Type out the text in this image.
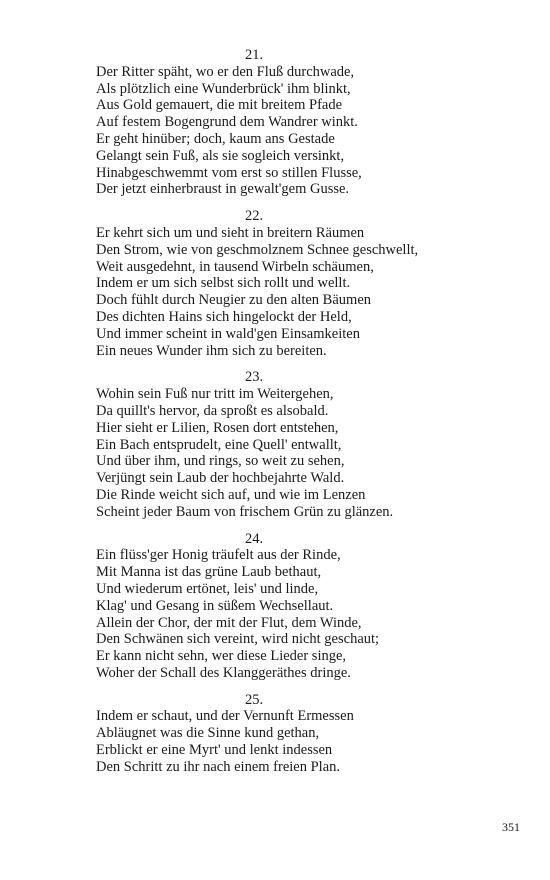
21.
Der Ritter späht, wo er den Fluß durchwade,
Als plötzlich eine Wunderbrück' ihm blinkt,
Aus Gold gemauert, die mit breitem Pfade
Auf festem Bogengrund dem Wandrer winkt.
Er geht hinüber; doch, kaum ans Gestade
Gelangt sein Fuß, als sie sogleich versinkt,
Hinabgeschwemmt vom erst so stillen Flusse,
Der jetzt einherbraust in gewalt'gem Gusse.
22.
Er kehrt sich um und sieht in breitern Räumen
Den Strom, wie von geschmolznem Schnee geschwellt,
Weit ausgedehnt, in tausend Wirbeln schäumen,
Indem er um sich selbst sich rollt und wellt.
Doch fühlt durch Neugier zu den alten Bäumen
Des dichten Hains sich hingelockt der Held,
Und immer scheint in wald'gen Einsamkeiten
Ein neues Wunder ihm sich zu bereiten.
23.
Wohin sein Fuß nur tritt im Weitergehen,
Da quillt's hervor, da sproßt es alsobald.
Hier sieht er Lilien, Rosen dort entstehen,
Ein Bach entsprudelt, eine Quell' entwallt,
Und über ihm, und rings, so weit zu sehen,
Verjüngt sein Laub der hochbejahrte Wald.
Die Rinde weicht sich auf, und wie im Lenzen
Scheint jeder Baum von frischem Grün zu glänzen.
24.
Ein flüss'ger Honig träufelt aus der Rinde,
Mit Manna ist das grüne Laub bethaut,
Und wiederum ertönet, leis' und linde,
Klag' und Gesang in süßem Wechsellaut.
Allein der Chor, der mit der Flut, dem Winde,
Den Schwänen sich vereint, wird nicht geschaut;
Er kann nicht sehn, wer diese Lieder singe,
Woher der Schall des Klanggeräthes dringe.
25.
Indem er schaut, und der Vernunft Ermessen
Abläugnet was die Sinne kund gethan,
Erblickt er eine Myrt' und lenkt indessen
Den Schritt zu ihr nach einem freien Plan.
351
